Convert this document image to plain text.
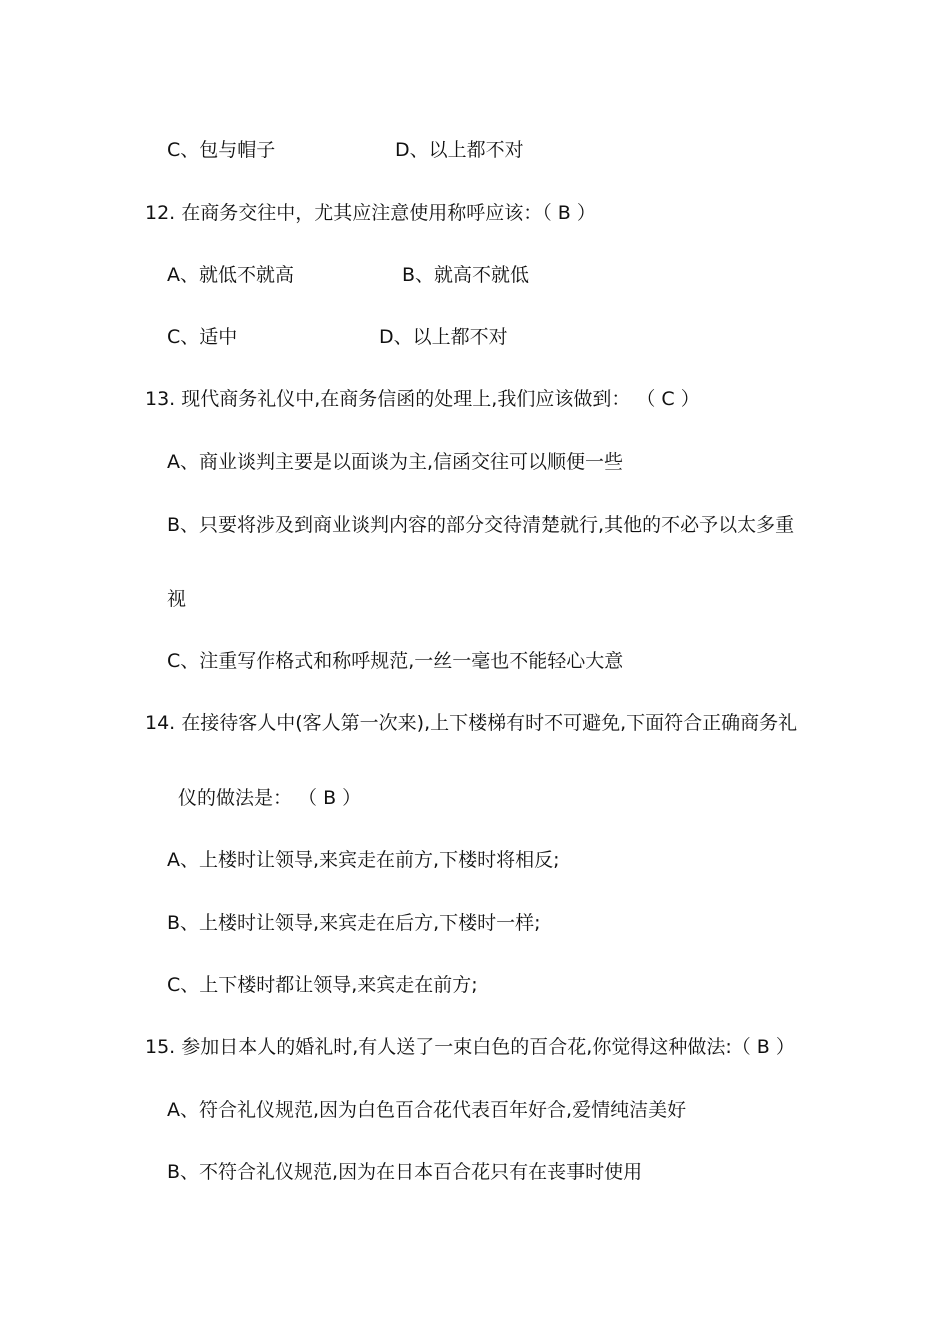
C、包与帽子	D、以上都不对
12. 在商务交往中，尤其应注意使用称呼应该：（ B ）
A、就低不就高	B、就高不就低
C、适中	D、以上都不对
13. 现代商务礼仪中,在商务信函的处理上,我们应该做到： （ C ）
A、商业谈判主要是以面谈为主,信函交往可以顺便一些
B、只要将涉及到商业谈判内容的部分交待清楚就行,其他的不必予以太多重
视
C、注重写作格式和称呼规范,一丝一毫也不能轻心大意
14. 在接待客人中(客人第一次来),上下楼梯有时不可避免,下面符合正确商务礼
仪的做法是： （ B ）
A、上楼时让领导,来宾走在前方,下楼时将相反;
B、上楼时让领导,来宾走在后方,下楼时一样;
C、上下楼时都让领导,来宾走在前方;
15. 参加日本人的婚礼时,有人送了一束白色的百合花,你觉得这种做法:（ B ）
A、符合礼仪规范,因为白色百合花代表百年好合,爱情纯洁美好
B、不符合礼仪规范,因为在日本百合花只有在丧事时使用
